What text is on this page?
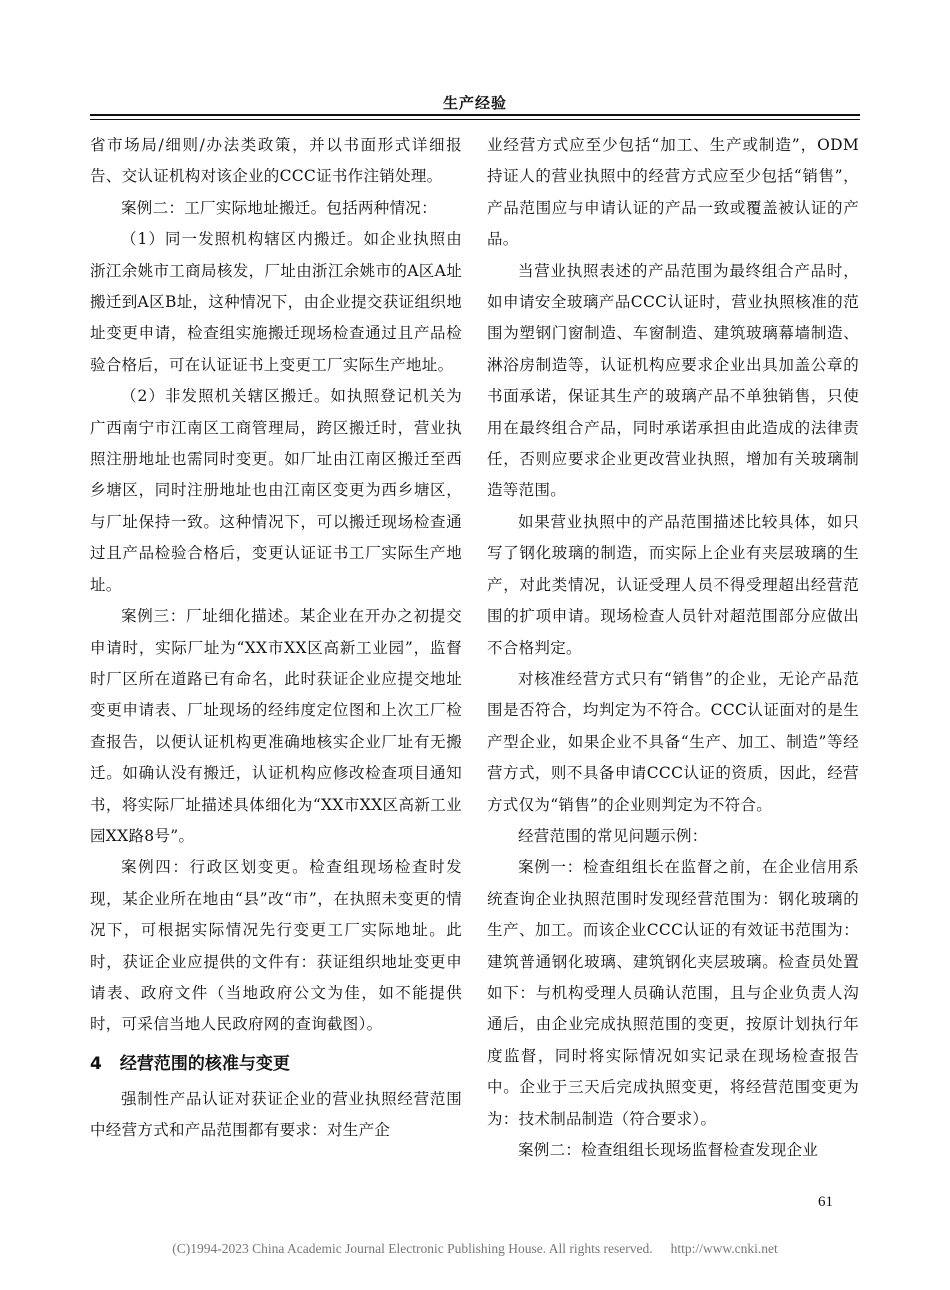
生产经验

省市场局/细则/办法类政策，并以书面形式详细报告、交认证机构对该企业的CCC证书作注销处理。

案例二：工厂实际地址搬迁。包括两种情况：

（1）同一发照机构辖区内搬迁。如企业执照由浙江余姚市工商局核发，厂址由浙江余姚市的A区A址搬迁到A区B址，这种情况下，由企业提交获证组织地址变更申请，检查组实施搬迁现场检查通过且产品检验合格后，可在认证证书上变更工厂实际生产地址。

（2）非发照机关辖区搬迁。如执照登记机关为广西南宁市江南区工商管理局，跨区搬迁时，营业执照注册地址也需同时变更。如厂址由江南区搬迁至西乡塘区，同时注册地址也由江南区变更为西乡塘区，与厂址保持一致。这种情况下，可以搬迁现场检查通过且产品检验合格后，变更认证证书工厂实际生产地址。

案例三：厂址细化描述。某企业在开办之初提交申请时，实际厂址为“XX市XX区高新工业园”，监督时厂区所在道路已有命名，此时获证企业应提交地址变更申请表、厂址现场的经纬度定位图和上次工厂检查报告，以便认证机构更准确地核实企业厂址有无搬迁。如确认没有搬迁，认证机构应修改检查项目通知书，将实际厂址描述具体细化为“XX市XX区高新工业园XX路8号”。

案例四：行政区划变更。检查组现场检查时发现，某企业所在地由“县”改“市”，在执照未变更的情况下，可根据实际情况先行变更工厂实际地址。此时，获证企业应提供的文件有：获证组织地址变更申请表、政府文件（当地政府公文为佳，如不能提供时，可采信当地人民政府网的查询截图）。

4 经营范围的核准与变更

强制性产品认证对获证企业的营业执照经营范围中经营方式和产品范围都有要求：对生产企

业经营方式应至少包括“加工、生产或制造”，ODM持证人的营业执照中的经营方式应至少包括“销售”，产品范围应与申请认证的产品一致或覆盖被认证的产品。

当营业执照表述的产品范围为最终组合产品时，如申请安全玻璃产品CCC认证时，营业执照核准的范围为塑钢门窗制造、车窗制造、建筑玻璃幕墙制造、淋浴房制造等，认证机构应要求企业出具加盖公章的书面承诺，保证其生产的玻璃产品不单独销售，只使用在最终组合产品，同时承诺承担由此造成的法律责任，否则应要求企业更改营业执照，增加有关玻璃制造等范围。

如果营业执照中的产品范围描述比较具体，如只写了钢化玻璃的制造，而实际上企业有夹层玻璃的生产，对此类情况，认证受理人员不得受理超出经营范围的扩项申请。现场检查人员针对超范围部分应做出不合格判定。

对核准经营方式只有“销售”的企业，无论产品范围是否符合，均判定为不符合。CCC认证面对的是生产型企业，如果企业不具备“生产、加工、制造”等经营方式，则不具备申请CCC认证的资质，因此，经营方式仅为“销售”的企业则判定为不符合。

经营范围的常见问题示例：

案例一：检查组组长在监督之前，在企业信用系统查询企业执照范围时发现经营范围为：钢化玻璃的生产、加工。而该企业CCC认证的有效证书范围为：建筑普通钢化玻璃、建筑钢化夹层玻璃。检查员处置如下：与机构受理人员确认范围，且与企业负责人沟通后，由企业完成执照范围的变更，按原计划执行年度监督，同时将实际情况如实记录在现场检查报告中。企业于三天后完成执照变更，将经营范围变更为为：技术制品制造（符合要求）。

案例二：检查组组长现场监督检查发现企业

61
(C)1994-2023 China Academic Journal Electronic Publishing House. All rights reserved. http://www.cnki.net
